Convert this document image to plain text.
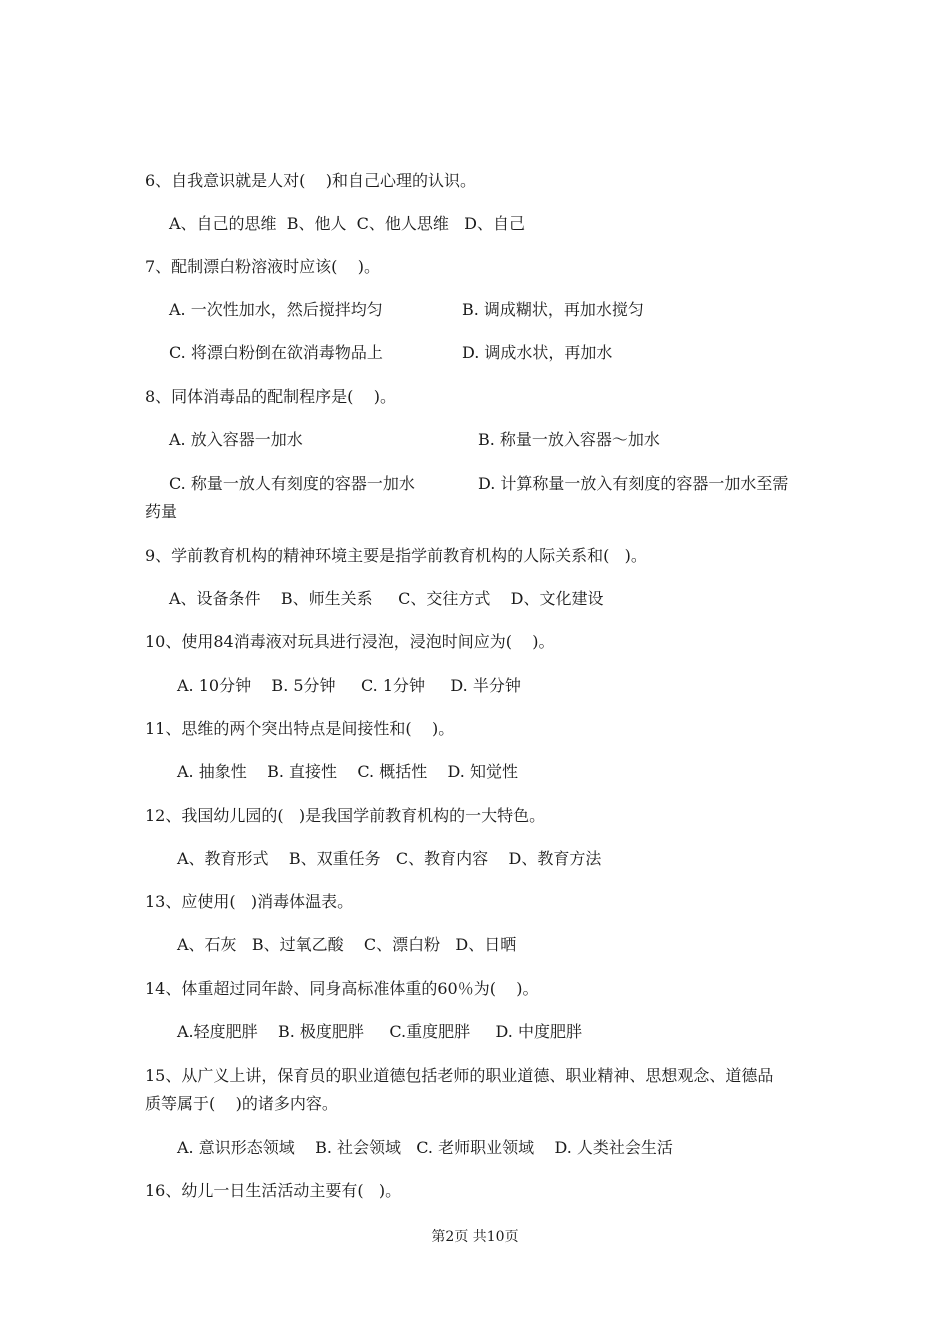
6、自我意识就是人对(    )和自己心理的认识。
A、自己的思维  B、他人  C、他人思维   D、自己
7、配制漂白粉溶液时应该(    )。
A. 一次性加水，然后搅拌均匀	B. 调成糊状，再加水搅匀
C. 将漂白粉倒在欲消毒物品上	D. 调成水状，再加水
8、同体消毒品的配制程序是(    )。
A. 放入容器一加水	B. 称量一放入容器～加水
C. 称量一放人有刻度的容器一加水	D. 计算称量一放入有刻度的容器一加水至需
药量
9、学前教育机构的精神环境主要是指学前教育机构的人际关系和(   )。
A、设备条件    B、师生关系     C、交往方式    D、文化建设
10、使用84消毒液对玩具进行浸泡，浸泡时间应为(    )。
A. 10分钟    B. 5分钟     C. 1分钟     D. 半分钟
11、思维的两个突出特点是间接性和(    )。
A. 抽象性    B. 直接性    C. 概括性    D. 知觉性
12、我国幼儿园的(   )是我国学前教育机构的一大特色。
A、教育形式    B、双重任务   C、教育内容    D、教育方法
13、应使用(   )消毒体温表。
A、石灰   B、过氧乙酸    C、漂白粉   D、日晒
14、体重超过同年龄、同身高标准体重的60％为(    )。
A.轻度肥胖    B. 极度肥胖     C.重度肥胖     D. 中度肥胖
15、从广义上讲，保育员的职业道德包括老师的职业道德、职业精神、思想观念、道德品
质等属于(    )的诸多内容。
A. 意识形态领域    B. 社会领域   C. 老师职业领域    D. 人类社会生活
16、幼儿一日生活活动主要有(   )。
第2页 共10页
